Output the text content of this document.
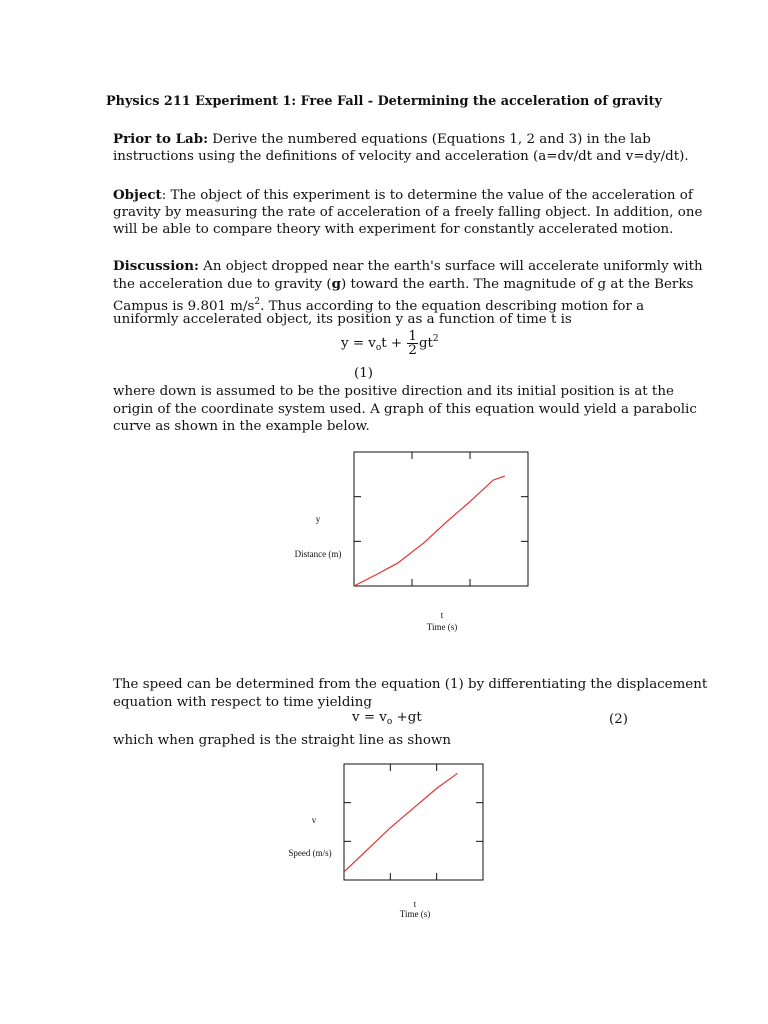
Physics 211 Experiment 1: Free Fall - Determining the acceleration of gravity
Prior to Lab: Derive the numbered equations (Equations 1, 2 and 3) in the lab
instructions using the definitions of velocity and acceleration (a=dv/dt and v=dy/dt).
Object: The object of this experiment is to determine the value of the acceleration of
gravity by measuring the rate of acceleration of a freely falling object. In addition, one
will be able to compare theory with experiment for constantly accelerated motion.
Discussion: An object dropped near the earth's surface will accelerate uniformly with
the acceleration due to gravity (g) toward the earth. The magnitude of g at the Berks
Campus is 9.801 $m/s^2$. Thus according to the equation describing motion for a
uniformly accelerated object, its position y as a function of time t is
$y = v_ot + \frac{1}{2} gt^2$
(1)
where down is assumed to be the positive direction and its initial position is at the
origin of the coordinate system used. A graph of this equation would yield a parabolic
curve as shown in the example below.
y
Distance (m)
t
Time (s)
The speed can be determined from the equation (1) by differentiating the displacement
equation with respect to time yielding
$v = v_o +gt$	(2)
which when graphed is the straight line as shown
v
Speed (m/s)
t
Time (s)
